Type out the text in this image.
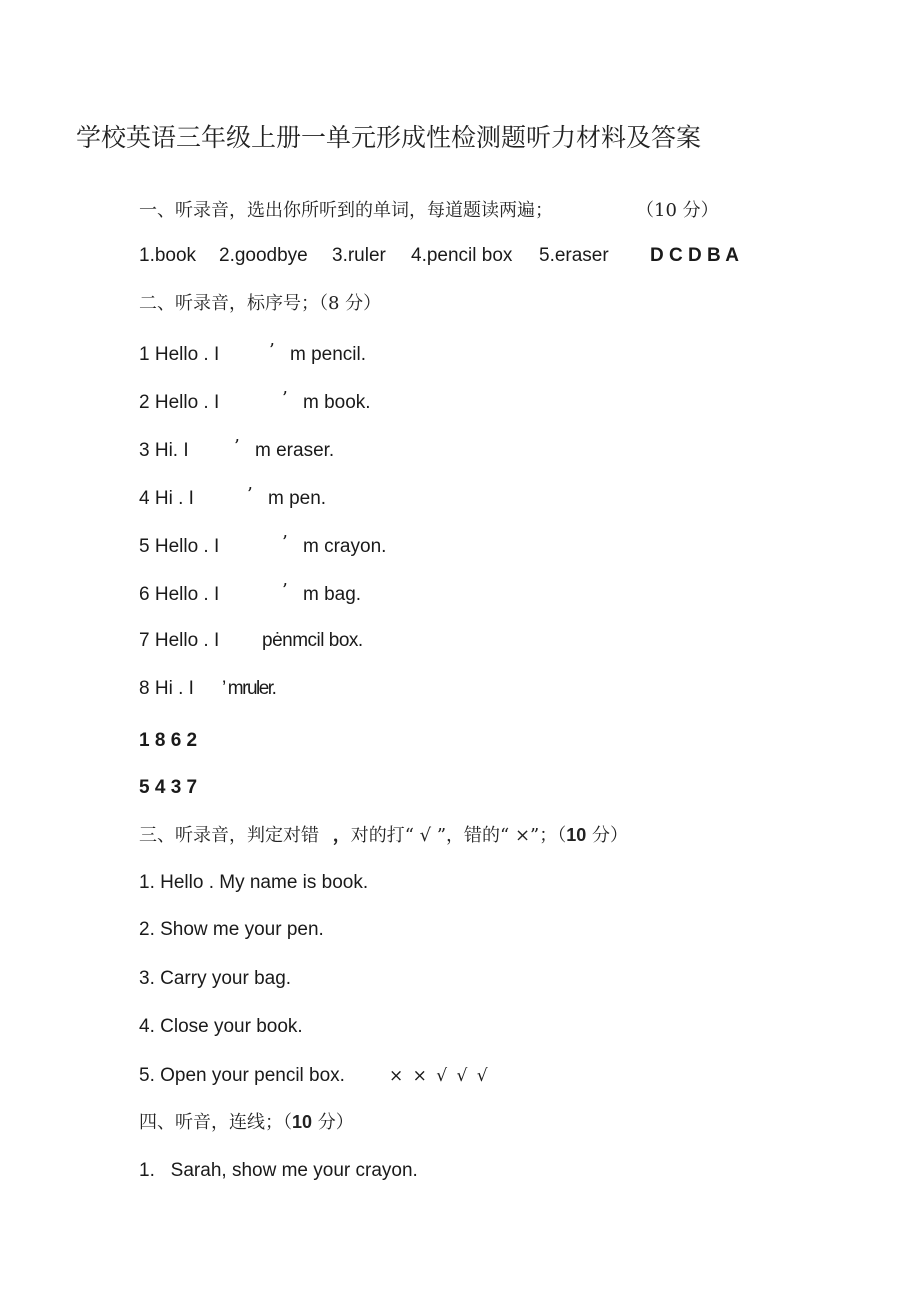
学校英语三年级上册一单元形成性检测题听力材料及答案
一、听录音，选出你所听到的单词，每道题读两遍；	（10 分）
1.book 2.goodbye 3.ruler 4.pencil box 5.eraser D C D B A
二、听录音，标序号；（8 分）
1 Hello . I	’ m pencil.
2 Hello . I	’ m book.
3 Hi. I	’ m eraser.
4 Hi . I	’ m pen.
5 Hello . I	’ m crayon.
6 Hello . I	’ m bag.
7 Hello . I pėnmcil box.
8 Hi . I ’ mruler.
1 8 6 2
5 4 3 7
三、听录音，判定对错 ，对的打“ √ ”，错的“ ×”；（10 分）
1. Hello . My name is book.
2. Show me your pen.
3. Carry your bag.
4. Close your book.
5. Open your pencil box.	× × √ √ √
四、听音，连线；（10 分）
1.   Sarah, show me your crayon.
